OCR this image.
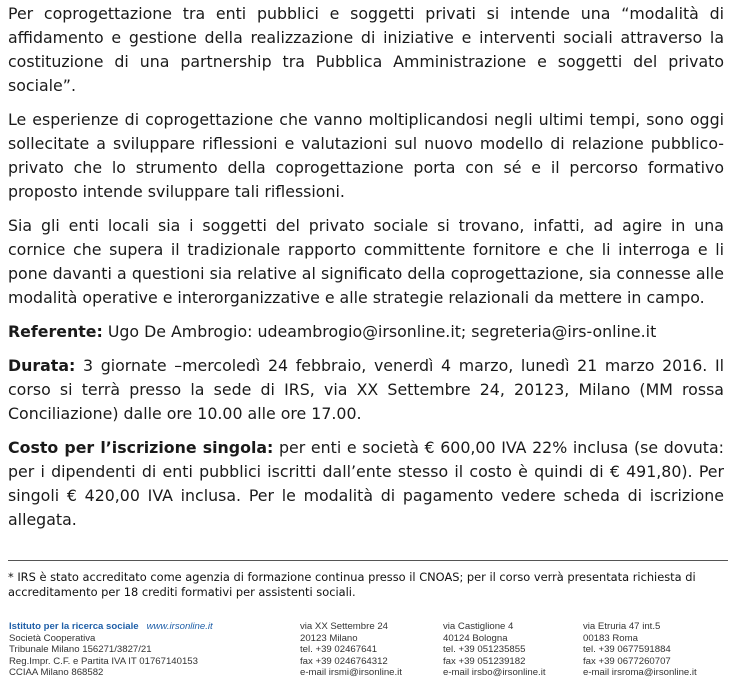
Per coprogettazione tra enti pubblici e soggetti privati si intende una “modalità di affidamento e gestione della realizzazione di iniziative e interventi sociali attraverso la costituzione di una partnership tra Pubblica Amministrazione e soggetti del privato sociale”.

Le esperienze di coprogettazione che vanno moltiplicandosi negli ultimi tempi, sono oggi sollecitate a sviluppare riflessioni e valutazioni sul nuovo modello di relazione pubblico-privato che lo strumento della coprogettazione porta con sé e il percorso formativo proposto intende sviluppare tali riflessioni.

Sia gli enti locali sia i soggetti del privato sociale si trovano, infatti, ad agire in una cornice che supera il tradizionale rapporto committente fornitore e che li interroga e li pone davanti a questioni sia relative al significato della coprogettazione, sia connesse alle modalità operative e interorganizzative e alle strategie relazionali da mettere in campo.

Referente: Ugo De Ambrogio: udeambrogio@irsonline.it; segreteria@irs-online.it

Durata: 3 giornate –mercoledì 24 febbraio, venerdì 4 marzo, lunedì 21 marzo 2016. Il corso si terrà presso la sede di IRS, via XX Settembre 24, 20123, Milano (MM rossa Conciliazione) dalle ore 10.00 alle ore 17.00.

Costo per l’iscrizione singola: per enti e società € 600,00 IVA 22% inclusa (se dovuta: per i dipendenti di enti pubblici iscritti dall’ente stesso il costo è quindi di € 491,80). Per singoli € 420,00 IVA inclusa. Per le modalità di pagamento vedere scheda di iscrizione allegata.

* IRS è stato accreditato come agenzia di formazione continua presso il CNOAS; per il corso verrà presentata richiesta di accreditamento per 18 crediti formativi per assistenti sociali.
Istituto per la ricerca sociale www.irsonline.it
Società Cooperativa
Tribunale Milano 156271/3827/21
Reg.Impr. C.F. e Partita IVA IT 01767140153
CCIAA Milano 868582
via XX Settembre 24
20123 Milano
tel. +39 02467641
fax +39 0246764312
e-mail irsmi@irsonline.it
via Castiglione 4
40124 Bologna
tel. +39 051235855
fax +39 051239182
e-mail irsbo@irsonline.it
via Etruria 47 int.5
00183 Roma
tel. +39 0677591884
fax +39 0677260707
e-mail irsroma@irsonline.it
